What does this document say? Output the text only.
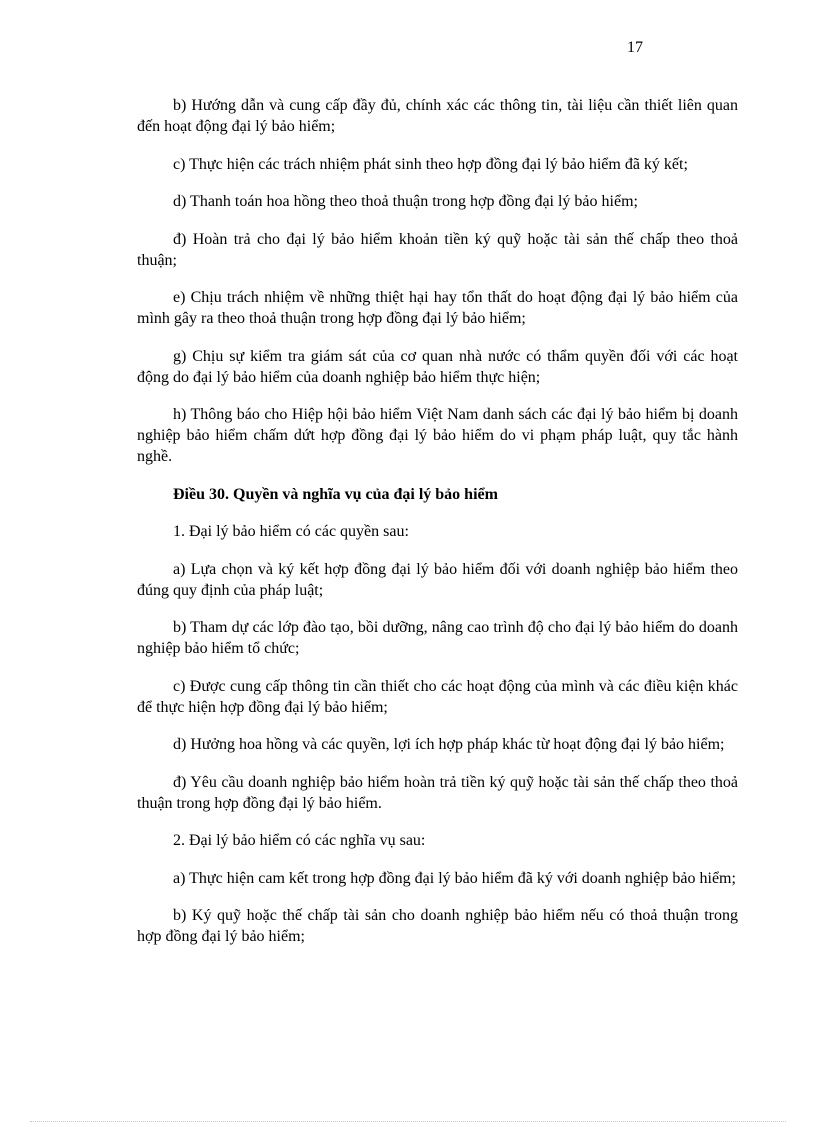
17

b) Hướng dẫn và cung cấp đầy đủ, chính xác các thông tin, tài liệu cần thiết liên quan đến hoạt động đại lý bảo hiểm;

c) Thực hiện các trách nhiệm phát sinh theo hợp đồng đại lý bảo hiểm đã ký kết;

d) Thanh toán hoa hồng theo thoả thuận trong hợp đồng đại lý bảo hiểm;

đ) Hoàn trả cho đại lý bảo hiểm khoản tiền ký quỹ hoặc tài sản thế chấp theo thoả thuận;

e) Chịu trách nhiệm về những thiệt hại hay tổn thất do hoạt động đại lý bảo hiểm của mình gây ra theo thoả thuận trong hợp đồng đại lý bảo hiểm;

g) Chịu sự kiểm tra giám sát của cơ quan nhà nước có thẩm quyền đối với các hoạt động do đại lý bảo hiểm của doanh nghiệp bảo hiểm thực hiện;

h) Thông báo cho Hiệp hội bảo hiểm Việt Nam danh sách các đại lý bảo hiểm bị doanh nghiệp bảo hiểm chấm dứt hợp đồng đại lý bảo hiểm do vi phạm pháp luật, quy tắc hành nghề.

Điều 30. Quyền và nghĩa vụ của đại lý bảo hiểm

1. Đại lý bảo hiểm có các quyền sau:

a) Lựa chọn và ký kết hợp đồng đại lý bảo hiểm đối với doanh nghiệp bảo hiểm theo đúng quy định của pháp luật;

b) Tham dự các lớp đào tạo, bồi dưỡng, nâng cao trình độ cho đại lý bảo hiểm do doanh nghiệp bảo hiểm tổ chức;

c) Được cung cấp thông tin cần thiết cho các hoạt động của mình và các điều kiện khác để thực hiện hợp đồng đại lý bảo hiểm;

d) Hưởng hoa hồng và các quyền, lợi ích hợp pháp khác từ hoạt động đại lý bảo hiểm;

đ) Yêu cầu doanh nghiệp bảo hiểm hoàn trả tiền ký quỹ hoặc tài sản thế chấp theo thoả thuận trong hợp đồng đại lý bảo hiểm.

2. Đại lý bảo hiểm có các nghĩa vụ sau:

a) Thực hiện cam kết trong hợp đồng đại lý bảo hiểm đã ký với doanh nghiệp bảo hiểm;

b) Ký quỹ hoặc thế chấp tài sản cho doanh nghiệp bảo hiểm nếu có thoả thuận trong hợp đồng đại lý bảo hiểm;
